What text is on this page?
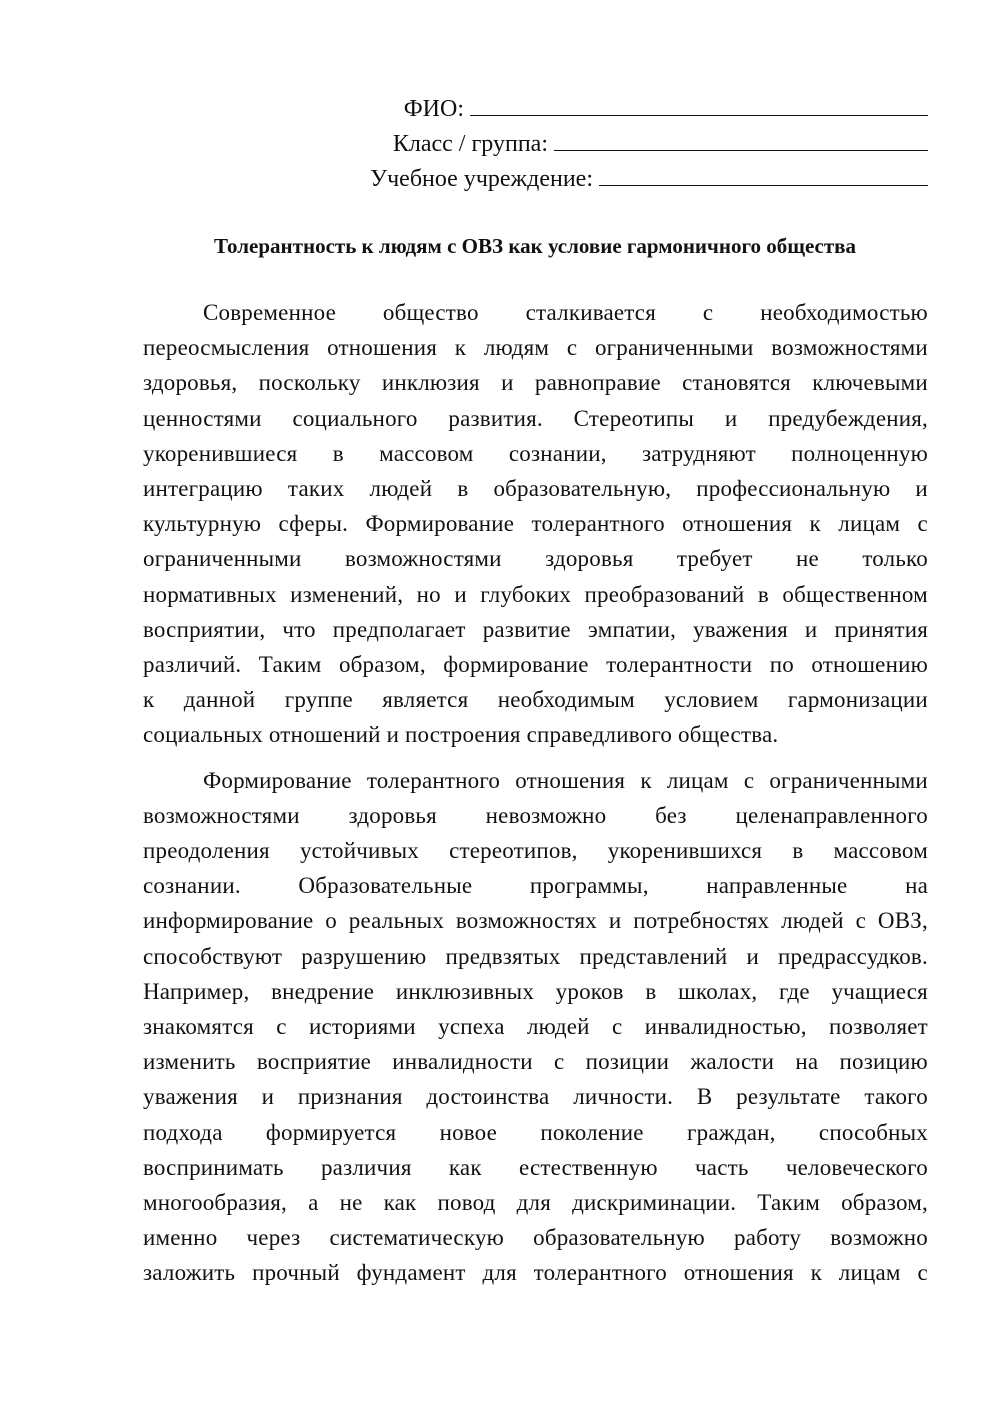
ФИО:
Класс / группа:
Учебное учреждение:
Толерантность к людям с ОВЗ как условие гармоничного общества
Современное общество сталкивается с необходимостью
переосмысления отношения к людям с ограниченными возможностями
здоровья, поскольку инклюзия и равноправие становятся ключевыми
ценностями социального развития. Стереотипы и предубеждения,
укоренившиеся в массовом сознании, затрудняют полноценную
интеграцию таких людей в образовательную, профессиональную и
культурную сферы. Формирование толерантного отношения к лицам с
ограниченными возможностями здоровья требует не только
нормативных изменений, но и глубоких преобразований в общественном
восприятии, что предполагает развитие эмпатии, уважения и принятия
различий. Таким образом, формирование толерантности по отношению
к данной группе является необходимым условием гармонизации
социальных отношений и построения справедливого общества.
Формирование толерантного отношения к лицам с ограниченными
возможностями здоровья невозможно без целенаправленного
преодоления устойчивых стереотипов, укоренившихся в массовом
сознании.	Образовательные	программы,	направленные	на
информирование о реальных возможностях и потребностях людей с ОВЗ,
способствуют разрушению предвзятых представлений и предрассудков.
Например, внедрение инклюзивных уроков в школах, где учащиеся
знакомятся с историями успеха людей с инвалидностью, позволяет
изменить восприятие инвалидности с позиции жалости на позицию
уважения и признания достоинства личности. В результате такого
подхода формируется новое поколение граждан, способных
воспринимать различия как естественную часть человеческого
многообразия, а не как повод для дискриминации. Таким образом,
именно через систематическую образовательную работу возможно
заложить прочный фундамент для толерантного отношения к лицам с
